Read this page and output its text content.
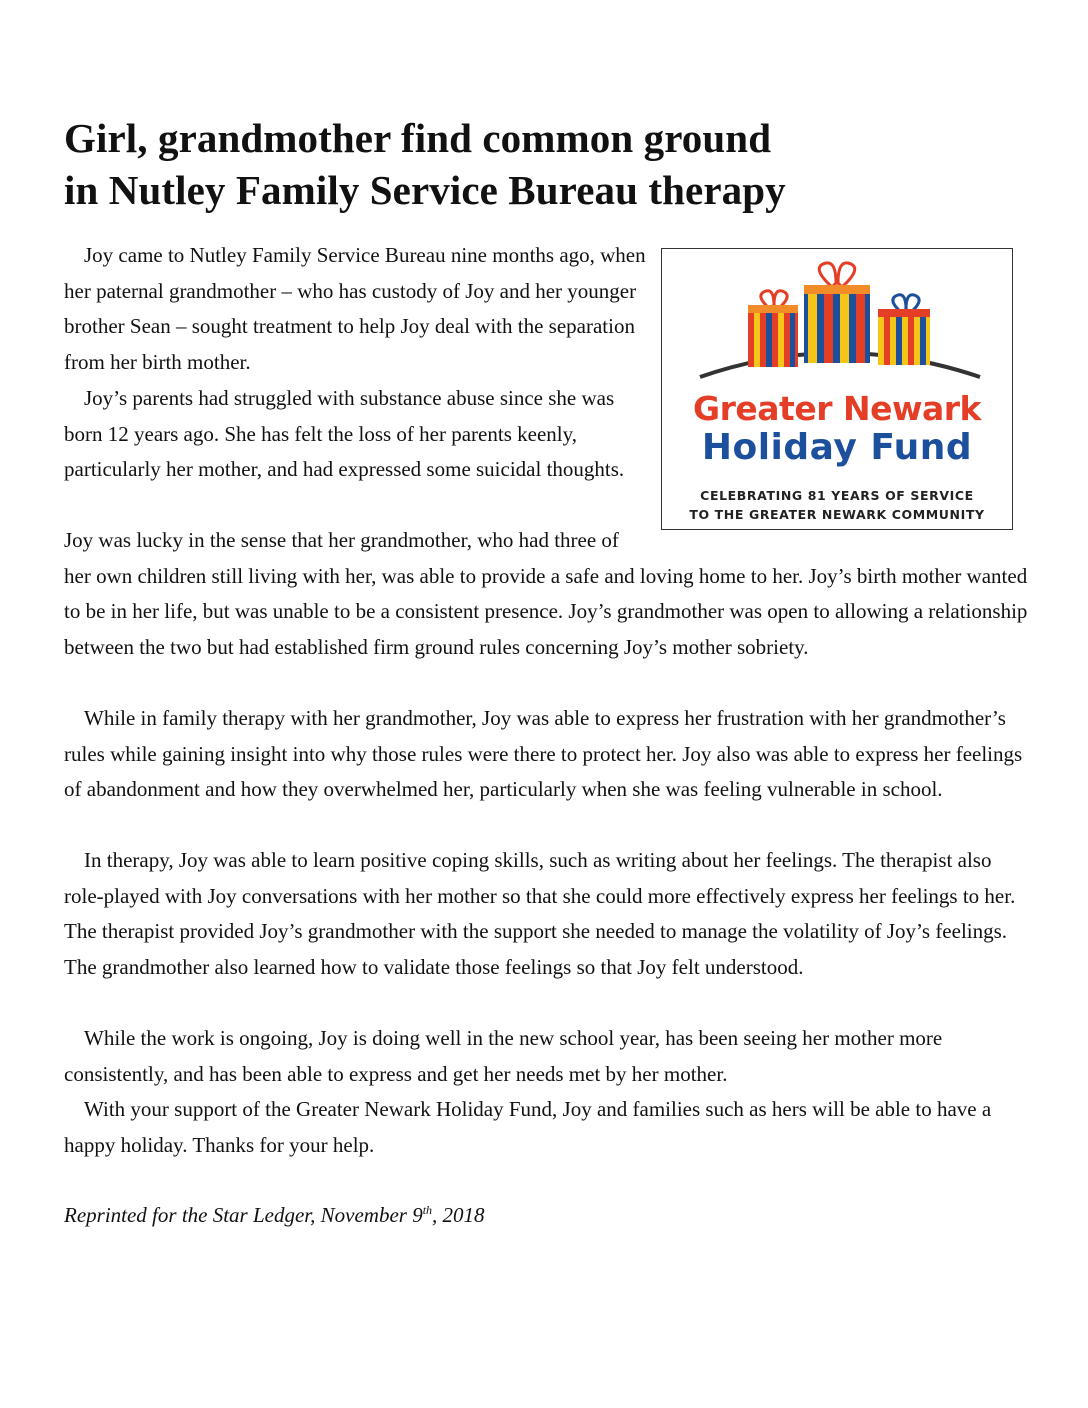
Girl, grandmother find common ground
in Nutley Family Service Bureau therapy
Greater Newark
Holiday Fund
CELEBRATING 81 YEARS OF SERVICE
TO THE GREATER NEWARK COMMUNITY

Joy came to Nutley Family Service Bureau nine months ago, when her paternal grandmother – who has custody of Joy and her younger brother Sean – sought treatment to help Joy deal with the separation from her birth mother.

Joy’s parents had struggled with substance abuse since she was born 12 years ago. She has felt the loss of her parents keenly, particularly her mother, and had expressed some suicidal thoughts.

Joy was lucky in the sense that her grandmother, who had three of her own children still living with her, was able to provide a safe and loving home to her. Joy’s birth mother wanted to be in her life, but was unable to be a consistent presence. Joy’s grandmother was open to allowing a relationship between the two but had established firm ground rules concerning Joy’s mother sobriety.

While in family therapy with her grandmother, Joy was able to express her frustration with her grandmother’s rules while gaining insight into why those rules were there to protect her. Joy also was able to express her feelings of abandonment and how they overwhelmed her, particularly when she was feeling vulnerable in school.

In therapy, Joy was able to learn positive coping skills, such as writing about her feelings. The therapist also role-played with Joy conversations with her mother so that she could more effectively express her feelings to her. The therapist provided Joy’s grandmother with the support she needed to manage the volatility of Joy’s feelings. The grandmother also learned how to validate those feelings so that Joy felt understood.

While the work is ongoing, Joy is doing well in the new school year, has been seeing her mother more consistently, and has been able to express and get her needs met by her mother.

With your support of the Greater Newark Holiday Fund, Joy and families such as hers will be able to have a happy holiday. Thanks for your help.

Reprinted for the Star Ledger, November 9th, 2018
